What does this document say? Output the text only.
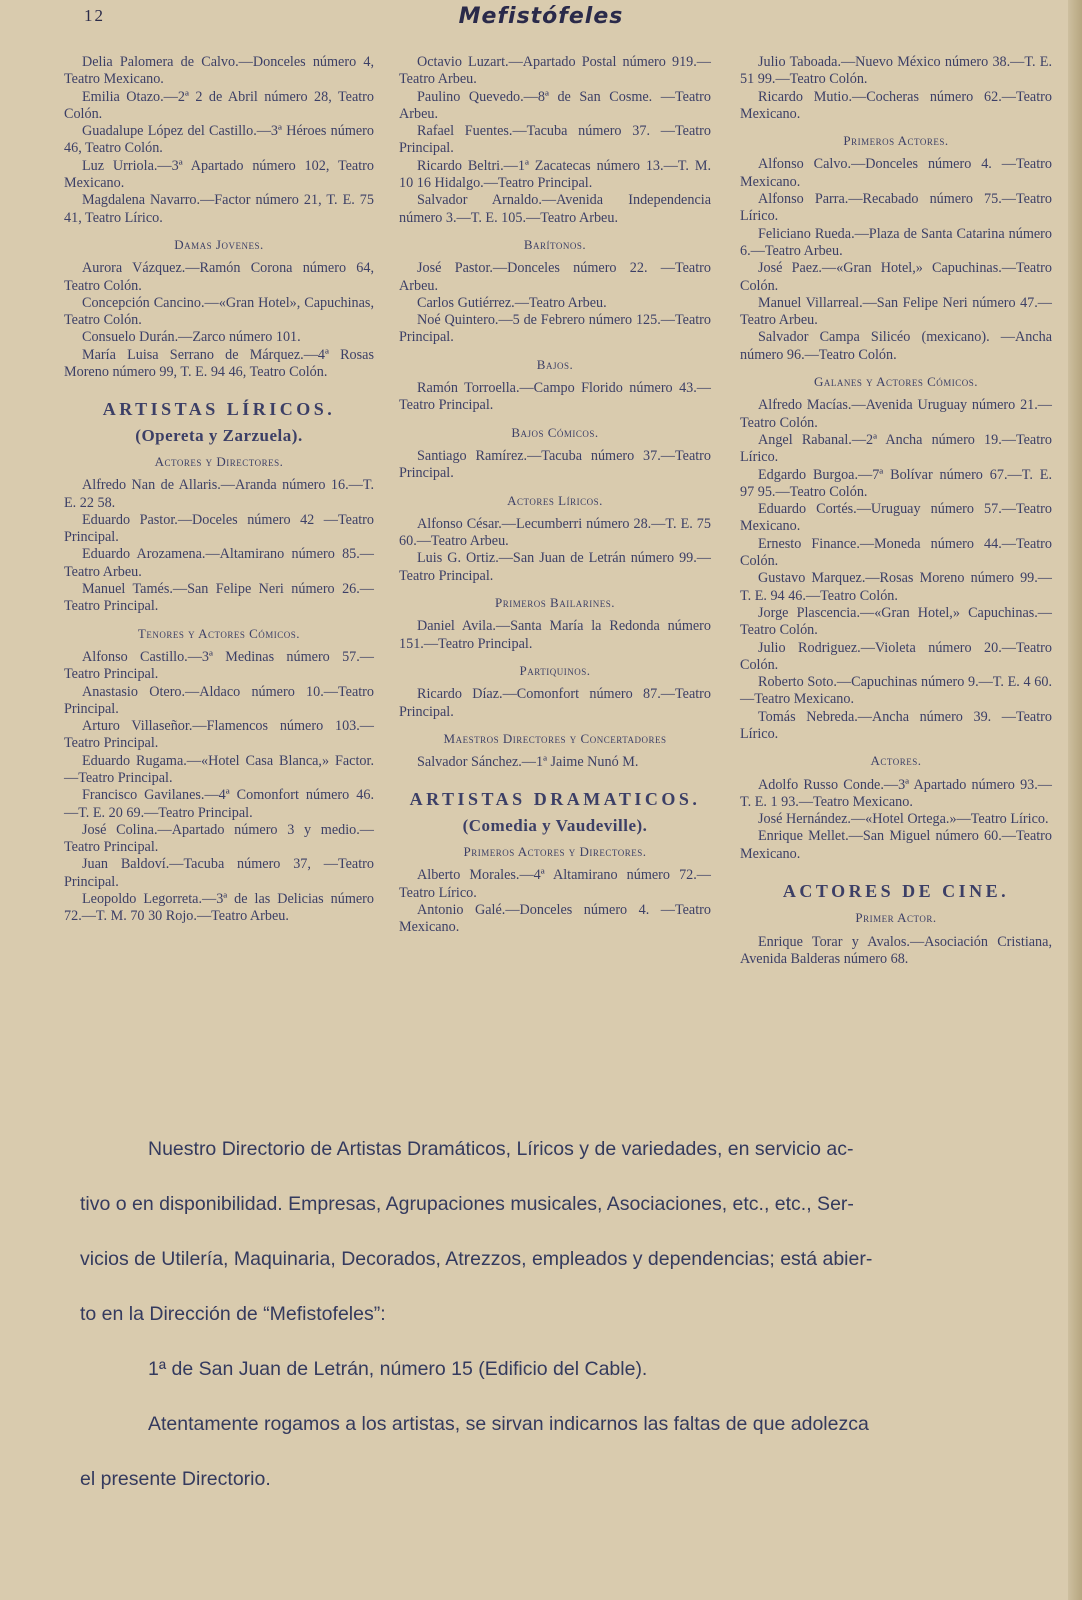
12	Mefistófeles

Delia Palomera de Calvo.—Donceles número 4, Teatro Mexicano.

Emilia Otazo.—2ª 2 de Abril número 28, Teatro Colón.

Guadalupe López del Castillo.—3ª Héroes número 46, Teatro Colón.

Luz Urriola.—3ª Apartado número 102, Teatro Mexicano.

Magdalena Navarro.—Factor número 21, T. E. 75 41, Teatro Lírico.

Damas Jovenes.

Aurora Vázquez.—Ramón Corona número 64, Teatro Colón.

Concepción Cancino.—«Gran Hotel», Capuchinas, Teatro Colón.

Consuelo Durán.—Zarco número 101.

María Luisa Serrano de Márquez.—4ª Rosas Moreno número 99, T. E. 94 46, Teatro Colón.

ARTISTAS LÍRICOS.

(Opereta y Zarzuela).

Actores y Directores.

Alfredo Nan de Allaris.—Aranda número 16.—T. E. 22 58.

Eduardo Pastor.—Doceles número 42 —Teatro Principal.

Eduardo Arozamena.—Altamirano número 85.—Teatro Arbeu.

Manuel Tamés.—San Felipe Neri número 26.—Teatro Principal.

Tenores y Actores Cómicos.

Alfonso Castillo.—3ª Medinas número 57.—Teatro Principal.

Anastasio Otero.—Aldaco número 10.—Teatro Principal.

Arturo Villaseñor.—Flamencos número 103.—Teatro Principal.

Eduardo Rugama.—«Hotel Casa Blanca,» Factor.—Teatro Principal.

Francisco Gavilanes.—4ª Comonfort número 46.—T. E. 20 69.—Teatro Principal.

José Colina.—Apartado número 3 y medio.—Teatro Principal.

Juan Baldoví.—Tacuba número 37, —Teatro Principal.

Leopoldo Legorreta.—3ª de las Delicias número 72.—T. M. 70 30 Rojo.—Teatro Arbeu.

Octavio Luzart.—Apartado Postal número 919.—Teatro Arbeu.

Paulino Quevedo.—8ª de San Cosme. —Teatro Arbeu.

Rafael Fuentes.—Tacuba número 37. —Teatro Principal.

Ricardo Beltri.—1ª Zacatecas número 13.—T. M. 10 16 Hidalgo.—Teatro Principal.

Salvador Arnaldo.—Avenida Independencia número 3.—T. E. 105.—Teatro Arbeu.

Barítonos.

José Pastor.—Donceles número 22. —Teatro Arbeu.

Carlos Gutiérrez.—Teatro Arbeu.

Noé Quintero.—5 de Febrero número 125.—Teatro Principal.

Bajos.

Ramón Torroella.—Campo Florido número 43.—Teatro Principal.

Bajos Cómicos.

Santiago Ramírez.—Tacuba número 37.—Teatro Principal.

Actores Líricos.

Alfonso César.—Lecumberri número 28.—T. E. 75 60.—Teatro Arbeu.

Luis G. Ortiz.—San Juan de Letrán número 99.—Teatro Principal.

Primeros Bailarines.

Daniel Avila.—Santa María la Redonda número 151.—Teatro Principal.

Partiquinos.

Ricardo Díaz.—Comonfort número 87.—Teatro Principal.

Maestros Directores y Concertadores

Salvador Sánchez.—1ª Jaime Nunó M.

ARTISTAS DRAMATICOS.

(Comedia y Vaudeville).

Primeros Actores y Directores.

Alberto Morales.—4ª Altamirano número 72.—Teatro Lírico.

Antonio Galé.—Donceles número 4. —Teatro Mexicano.

Julio Taboada.—Nuevo México número 38.—T. E. 51 99.—Teatro Colón.

Ricardo Mutio.—Cocheras número 62.—Teatro Mexicano.

Primeros Actores.

Alfonso Calvo.—Donceles número 4. —Teatro Mexicano.

Alfonso Parra.—Recabado número 75.—Teatro Lírico.

Feliciano Rueda.—Plaza de Santa Catarina número 6.—Teatro Arbeu.

José Paez.—«Gran Hotel,» Capuchinas.—Teatro Colón.

Manuel Villarreal.—San Felipe Neri número 47.—Teatro Arbeu.

Salvador Campa Silicéo (mexicano). —Ancha número 96.—Teatro Colón.

Galanes y Actores Cómicos.

Alfredo Macías.—Avenida Uruguay número 21.—Teatro Colón.

Angel Rabanal.—2ª Ancha número 19.—Teatro Lírico.

Edgardo Burgoa.—7ª Bolívar número 67.—T. E. 97 95.—Teatro Colón.

Eduardo Cortés.—Uruguay número 57.—Teatro Mexicano.

Ernesto Finance.—Moneda número 44.—Teatro Colón.

Gustavo Marquez.—Rosas Moreno número 99.—T. E. 94 46.—Teatro Colón.

Jorge Plascencia.—«Gran Hotel,» Capuchinas.—Teatro Colón.

Julio Rodriguez.—Violeta número 20.—Teatro Colón.

Roberto Soto.—Capuchinas número 9.—T. E. 4 60.—Teatro Mexicano.

Tomás Nebreda.—Ancha número 39. —Teatro Lírico.

Actores.

Adolfo Russo Conde.—3ª Apartado número 93.—T. E. 1 93.—Teatro Mexicano.

José Hernández.—«Hotel Ortega.»—Teatro Lírico.

Enrique Mellet.—San Miguel número 60.—Teatro Mexicano.

ACTORES DE CINE.

Primer Actor.

Enrique Torar y Avalos.—Asociación Cristiana, Avenida Balderas número 68.

Nuestro Directorio de Artistas Dramáticos, Líricos y de variedades, en servicio ac-

tivo o en disponibilidad. Empresas, Agrupaciones musicales, Asociaciones, etc., etc., Ser-

vicios de Utilería, Maquinaria, Decorados, Atrezzos, empleados y dependencias; está abier-

to en la Dirección de “Mefistofeles”:

1ª de San Juan de Letrán, número 15 (Edificio del Cable).

Atentamente rogamos a los artistas, se sirvan indicarnos las faltas de que adolezca

el presente Directorio.
